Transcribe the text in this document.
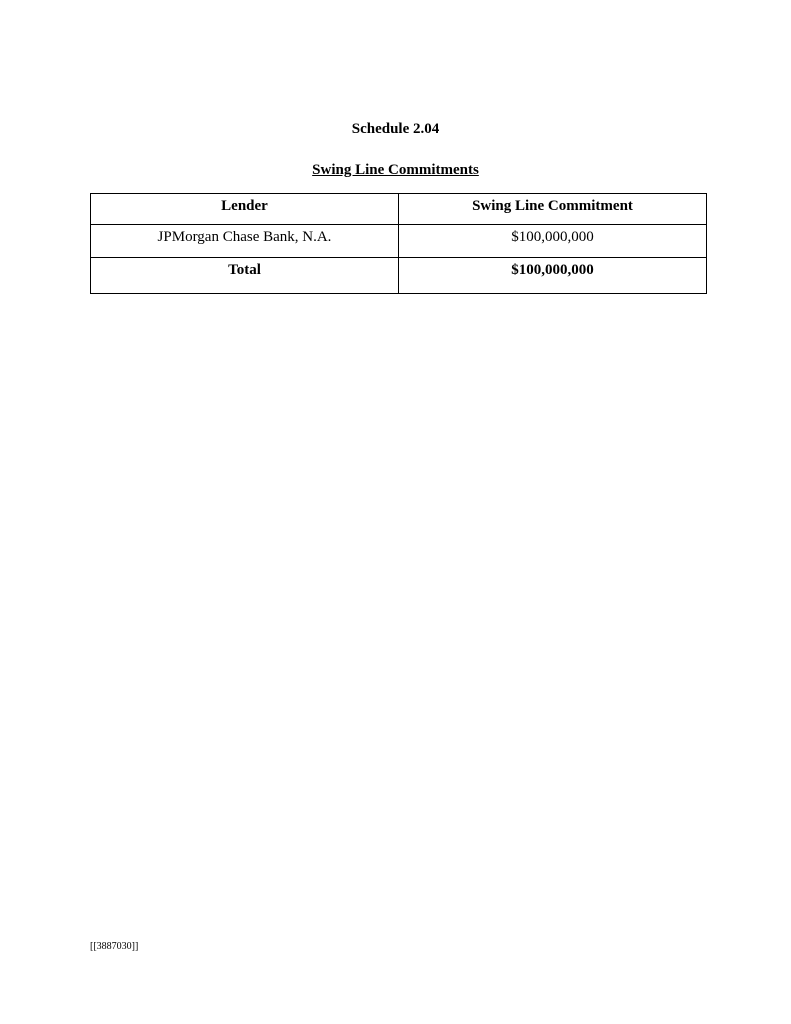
Schedule 2.04
Swing Line Commitments
Lender	Swing Line Commitment
JPMorgan Chase Bank, N.A.	$100,000,000
Total	$100,000,000
[[3887030]]
